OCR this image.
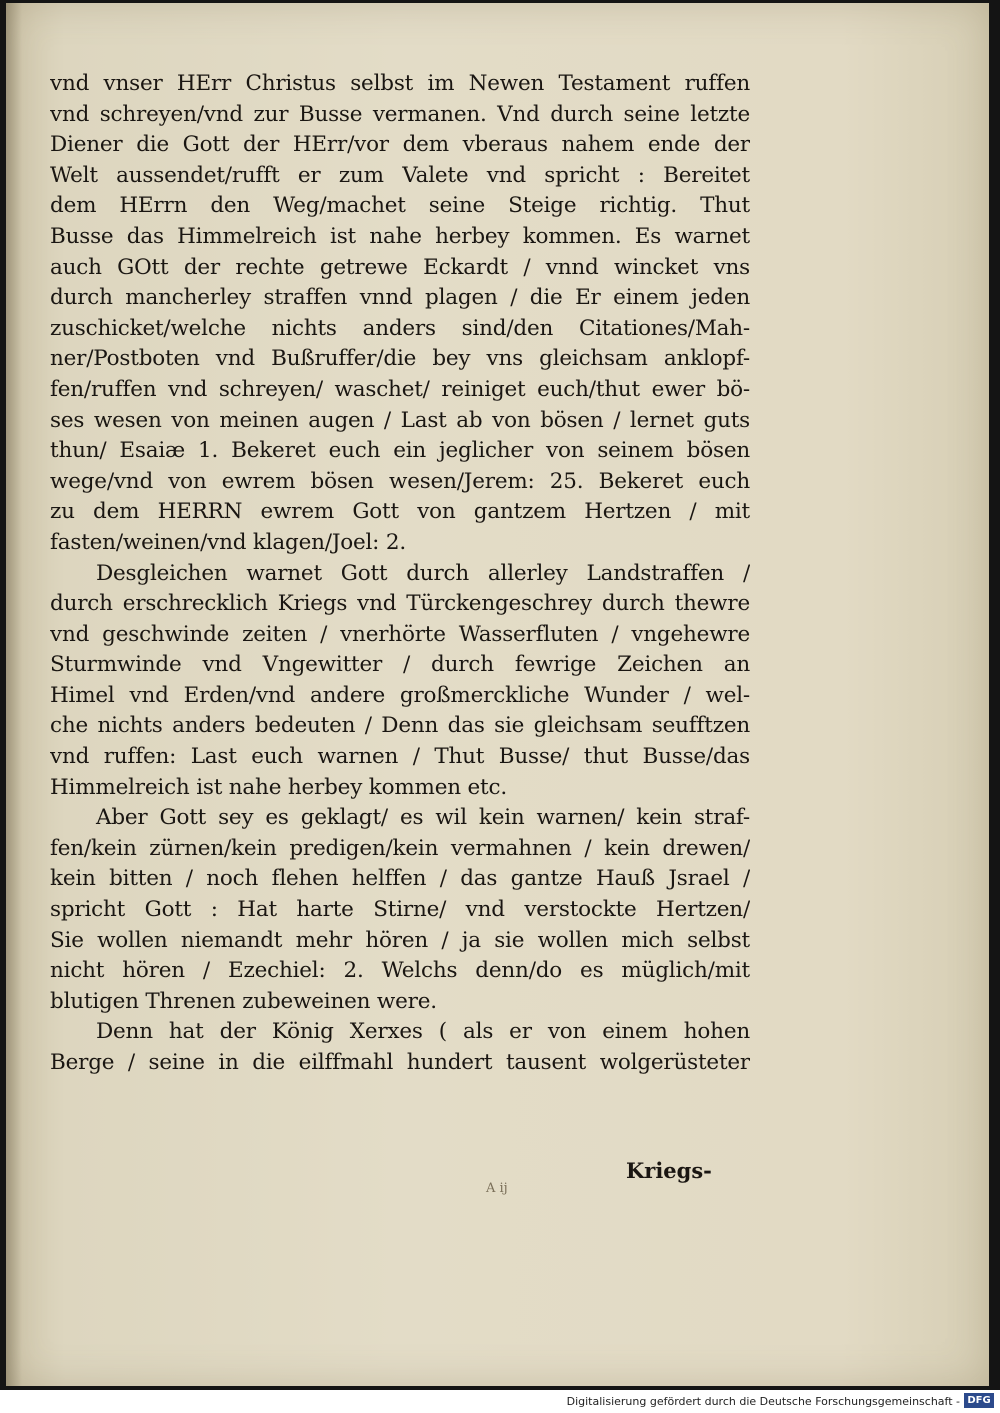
vnd vnser HErr Christus selbst im Newen Testament ruffen
vnd schreyen/vnd zur Busse vermanen. Vnd durch seine letzte
Diener die Gott der HErr/vor dem vberaus nahem ende der
Welt aussendet/rufft er zum Valete vnd spricht : Bereitet
dem HErrn den Weg/machet seine Steige richtig. Thut
Busse das Himmelreich ist nahe herbey kommen. Es warnet
auch GOtt der rechte getrewe Eckardt / vnnd wincket vns
durch mancherley straffen vnnd plagen / die Er einem jeden
zuschicket/welche nichts anders sind/den Citationes/Mah-
ner/Postboten vnd Bußruffer/die bey vns gleichsam anklopf-
fen/ruffen vnd schreyen/ waschet/ reiniget euch/thut ewer bö-
ses wesen von meinen augen / Last ab von bösen / lernet guts
thun/ Esaiæ 1. Bekeret euch ein jeglicher von seinem bösen
wege/vnd von ewrem bösen wesen/Jerem: 25. Bekeret euch
zu dem HERRN ewrem Gott von gantzem Hertzen / mit
fasten/weinen/vnd klagen/Joel: 2.
Desgleichen warnet Gott durch allerley Landstraffen /
durch erschrecklich Kriegs vnd Türckengeschrey durch thewre
vnd geschwinde zeiten / vnerhörte Wasserfluten / vngehewre
Sturmwinde vnd Vngewitter / durch fewrige Zeichen an
Himel vnd Erden/vnd andere großmerckliche Wunder / wel-
che nichts anders bedeuten / Denn das sie gleichsam seufftzen
vnd ruffen: Last euch warnen / Thut Busse/ thut Busse/das
Himmelreich ist nahe herbey kommen etc.
Aber Gott sey es geklagt/ es wil kein warnen/ kein straf-
fen/kein zürnen/kein predigen/kein vermahnen / kein drewen/
kein bitten / noch flehen helffen / das gantze Hauß Jsrael /
spricht Gott : Hat harte Stirne/ vnd verstockte Hertzen/
Sie wollen niemandt mehr hören / ja sie wollen mich selbst
nicht hören / Ezechiel: 2. Welchs denn/do es müglich/mit
blutigen Threnen zubeweinen were.
Denn hat der König Xerxes ( als er von einem hohen
Berge / seine in die eilffmahl hundert tausent wolgerüsteter
Kriegs-
A ij
Digitalisierung gefördert durch die Deutsche Forschungsgemeinschaft - DFG
